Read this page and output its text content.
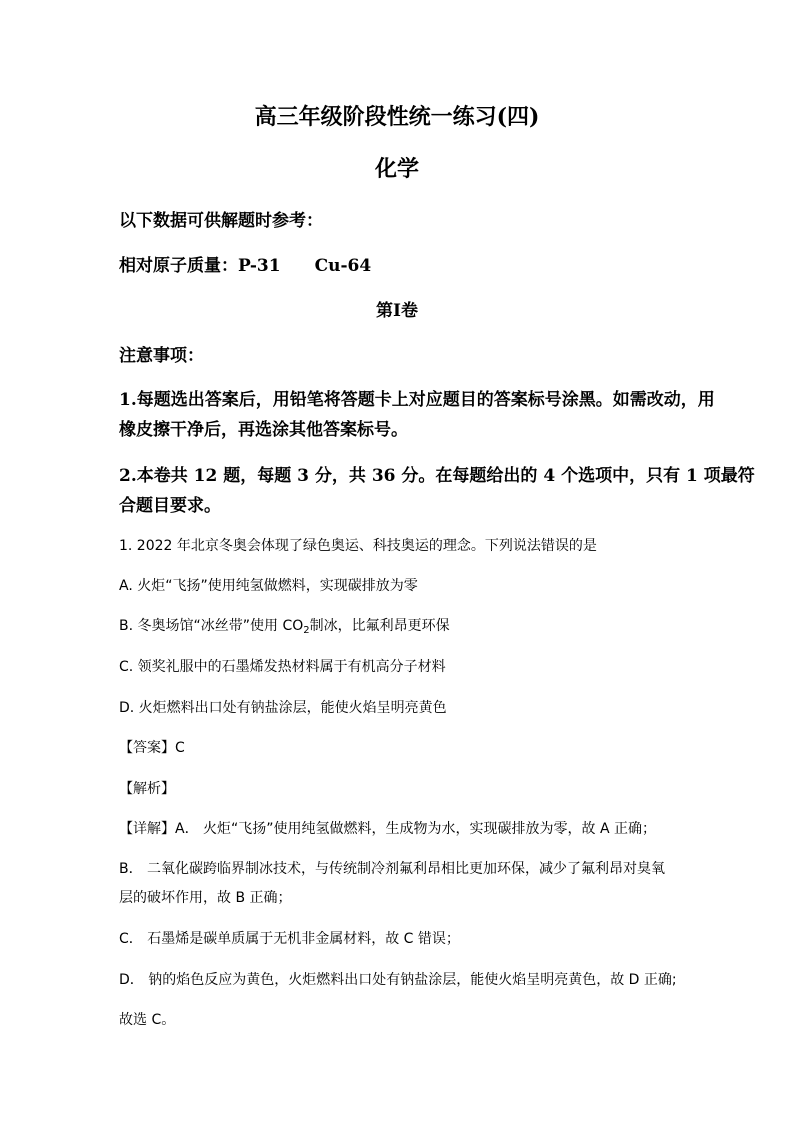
高三年级阶段性统一练习(四)
化学
以下数据可供解题时参考：
相对原子质量：P-31　　Cu-64
第I卷
注意事项：
1.每题选出答案后，用铅笔将答题卡上对应题目的答案标号涂黑。如需改动，用
橡皮擦干净后，再选涂其他答案标号。
2.本卷共 12 题，每题 3 分，共 36 分。在每题给出的 4 个选项中，只有 1 项最符
合题目要求。
1. 2022 年北京冬奥会体现了绿色奥运、科技奥运的理念。下列说法错误的是
A. 火炬“飞扬”使用纯氢做燃料，实现碳排放为零
B. 冬奥场馆“冰丝带”使用 $CO_2$制冰，比氟利昂更环保
C. 领奖礼服中的石墨烯发热材料属于有机高分子材料
D. 火炬燃料出口处有钠盐涂层，能使火焰呈明亮黄色
【答案】C
【解析】
【详解】A． 火炬“飞扬”使用纯氢做燃料，生成物为水，实现碳排放为零，故 A 正确；
B． 二氧化碳跨临界制冰技术，与传统制冷剂氟利昂相比更加环保，减少了氟利昂对臭氧
层的破坏作用，故 B 正确；
C． 石墨烯是碳单质属于无机非金属材料，故 C 错误；
D． 钠的焰色反应为黄色，火炬燃料出口处有钠盐涂层，能使火焰呈明亮黄色，故 D 正确;
故选 C。
